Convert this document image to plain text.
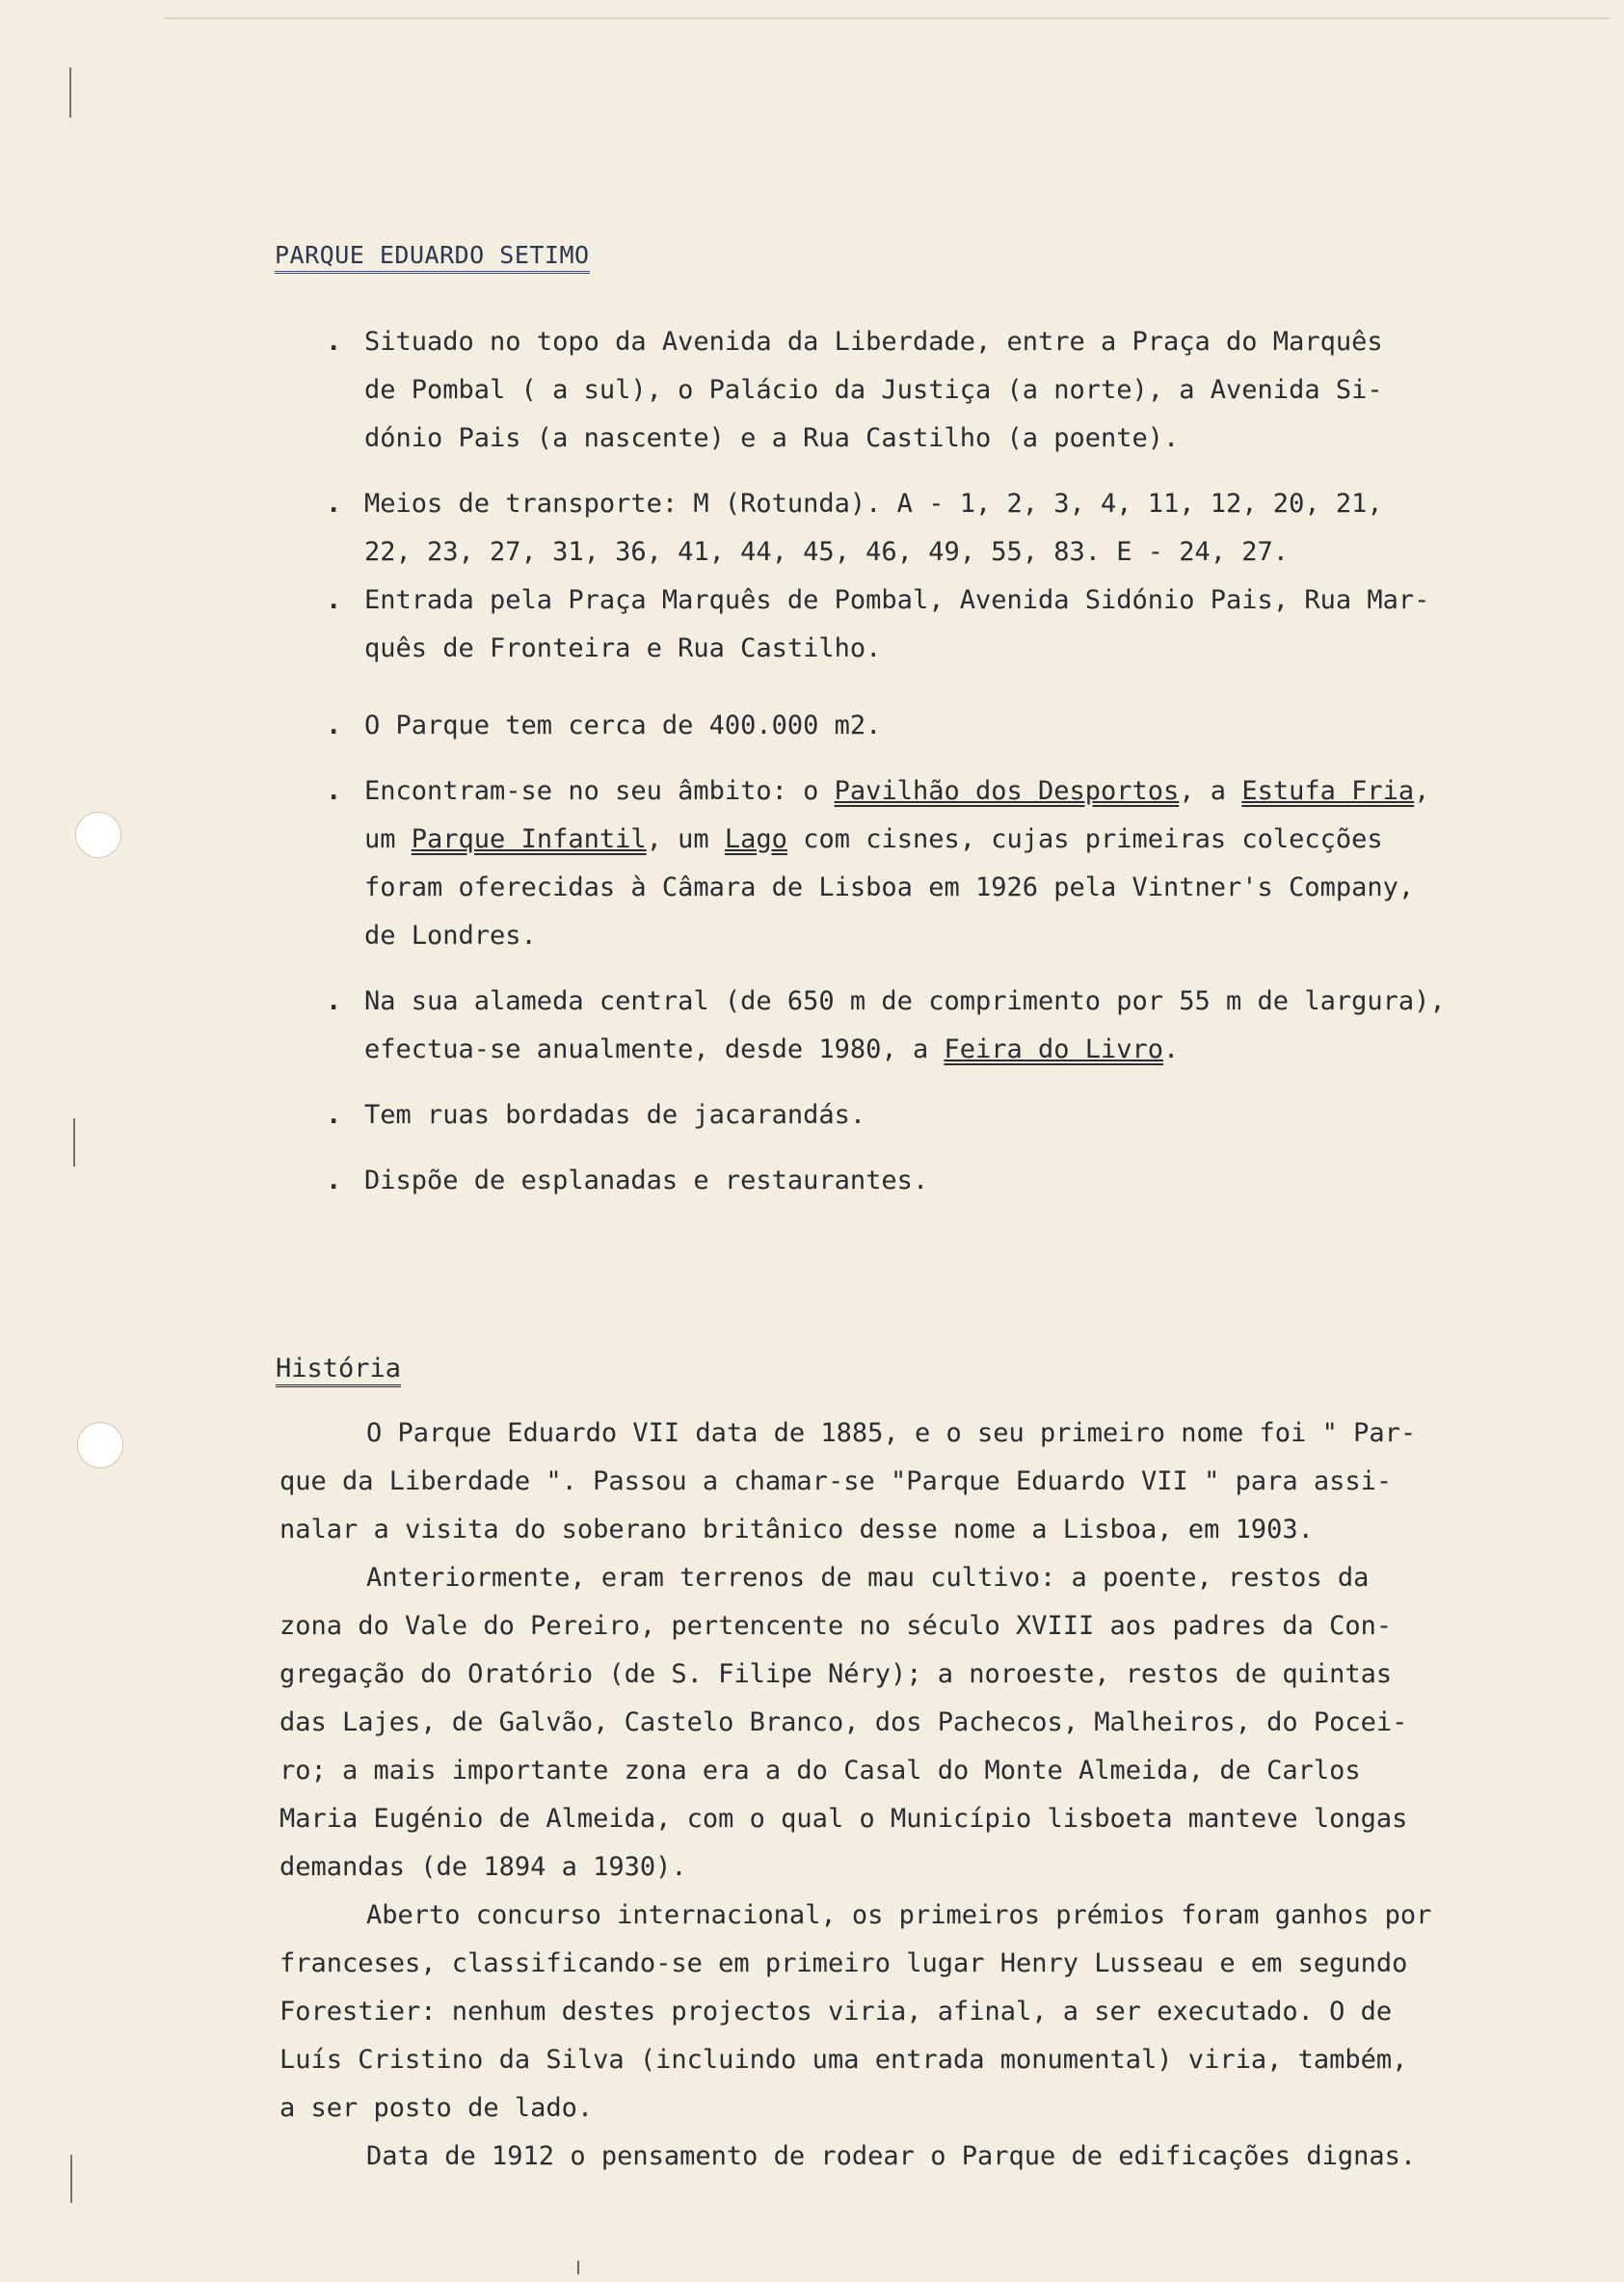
PARQUE EDUARDO SETIMO
. Situado no topo da Avenida da Liberdade, entre a Praça do Marquês
de Pombal ( a sul), o Palácio da Justiça (a norte), a Avenida Si-
dónio Pais (a nascente) e a Rua Castilho (a poente).
. Meios de transporte: M (Rotunda). A - 1, 2, 3, 4, 11, 12, 20, 21,
22, 23, 27, 31, 36, 41, 44, 45, 46, 49, 55, 83. E - 24, 27.
. Entrada pela Praça Marquês de Pombal, Avenida Sidónio Pais, Rua Mar-
quês de Fronteira e Rua Castilho.
. O Parque tem cerca de 400.000 m2.
. Encontram-se no seu âmbito: o Pavilhão dos Desportos, a Estufa Fria,
um Parque Infantil, um Lago com cisnes, cujas primeiras colecções
foram oferecidas à Câmara de Lisboa em 1926 pela Vintner's Company,
de Londres.
. Na sua alameda central (de 650 m de comprimento por 55 m de largura),
efectua-se anualmente, desde 1980, a Feira do Livro.
. Tem ruas bordadas de jacarandás.
. Dispõe de esplanadas e restaurantes.
História

O Parque Eduardo VII data de 1885, e o seu primeiro nome foi " Par-
que da Liberdade ". Passou a chamar-se "Parque Eduardo VII " para assi-
nalar a visita do soberano britânico desse nome a Lisboa, em 1903.

Anteriormente, eram terrenos de mau cultivo: a poente, restos da
zona do Vale do Pereiro, pertencente no século XVIII aos padres da Con-
gregação do Oratório (de S. Filipe Néry); a noroeste, restos de quintas
das Lajes, de Galvão, Castelo Branco, dos Pachecos, Malheiros, do Pocei-
ro; a mais importante zona era a do Casal do Monte Almeida, de Carlos
Maria Eugénio de Almeida, com o qual o Município lisboeta manteve longas
demandas (de 1894 a 1930).

Aberto concurso internacional, os primeiros prémios foram ganhos por
franceses, classificando-se em primeiro lugar Henry Lusseau e em segundo
Forestier: nenhum destes projectos viria, afinal, a ser executado. O de
Luís Cristino da Silva (incluindo uma entrada monumental) viria, também,
a ser posto de lado.

Data de 1912 o pensamento de rodear o Parque de edificações dignas.
